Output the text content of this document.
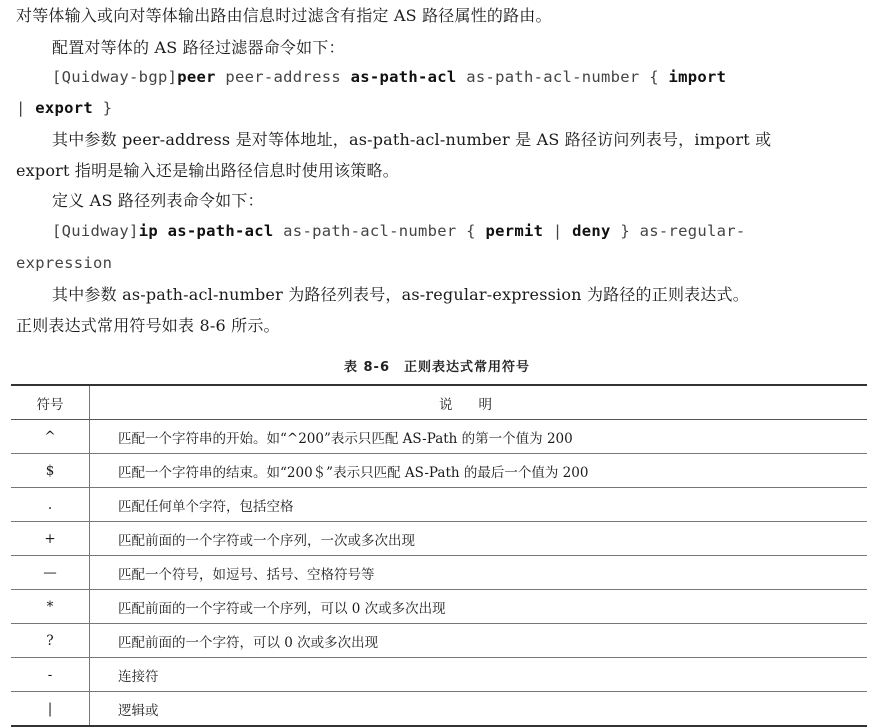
对等体输入或向对等体输出路由信息时过滤含有指定 AS 路径属性的路由。
配置对等体的 AS 路径过滤器命令如下：
[Quidway-bgp]peer peer-address as-path-acl as-path-acl-number { import
| export }
其中参数 peer-address 是对等体地址，as-path-acl-number 是 AS 路径访问列表号，import 或
export 指明是输入还是输出路径信息时使用该策略。
定义 AS 路径列表命令如下：
[Quidway]ip as-path-acl as-path-acl-number { permit | deny } as-regular-
expression
其中参数 as-path-acl-number 为路径列表号，as-regular-expression 为路径的正则表达式。
正则表达式常用符号如表 8-6 所示。
表 8-6　正则表达式常用符号
符号	说明
^	匹配一个字符串的开始。如“^200”表示只匹配 AS-Path 的第一个值为 200
$	匹配一个字符串的结束。如“200＄”表示只匹配 AS-Path 的最后一个值为 200
.	匹配任何单个字符，包括空格
+	匹配前面的一个字符或一个序列，一次或多次出现
—	匹配一个符号，如逗号、括号、空格符号等
*	匹配前面的一个字符或一个序列，可以 0 次或多次出现
?	匹配前面的一个字符，可以 0 次或多次出现
-	连接符
|	逻辑或
